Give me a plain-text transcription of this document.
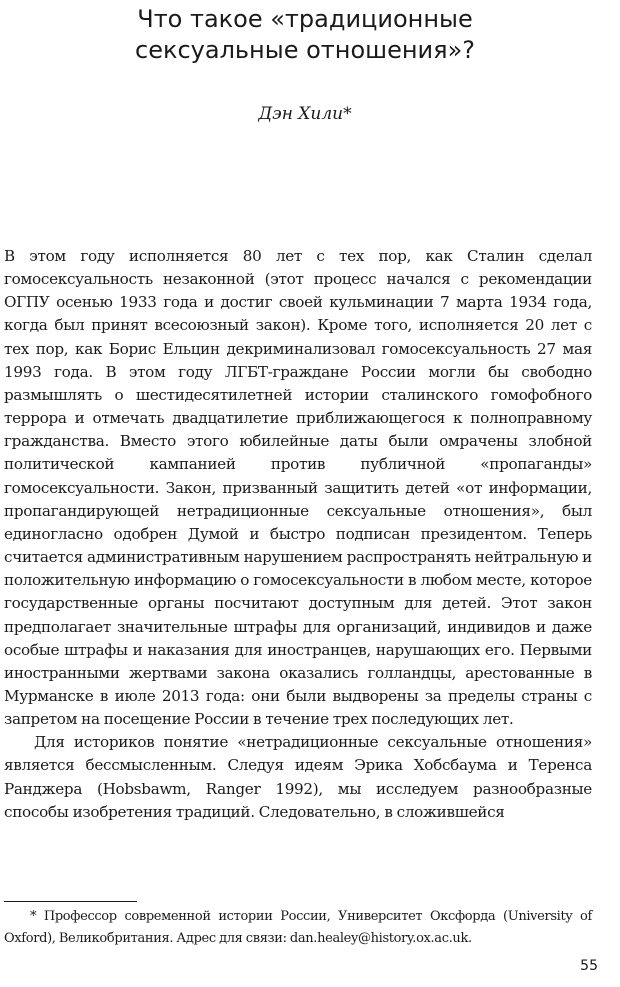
Что такое «традиционные
сексуальные отношения»?
Дэн Хили*

В этом году исполняется 80 лет с тех пор, как Сталин сделал гомосексуальность незаконной (этот процесс начался с рекомендации ОГПУ осенью 1933 года и достиг своей кульминации 7 марта 1934 года, когда был принят всесоюзный закон). Кроме того, исполняется 20 лет с тех пор, как Борис Ельцин декриминализовал гомосексуальность 27 мая 1993 года. В этом году ЛГБТ-граждане России могли бы свободно размышлять о шестидесятилетней истории сталинского гомофобного террора и отмечать двадцатилетие приближающегося к полноправному гражданства. Вместо этого юбилейные даты были омрачены злобной политической кампанией против публичной «пропаганды» гомосексуальности. Закон, призванный защитить детей «от информации, пропагандирующей нетрадиционные сексуальные отношения», был единогласно одобрен Думой и быстро подписан президентом. Теперь считается административным нарушением распространять нейтральную и положительную информацию о гомосексуальности в любом месте, которое государственные органы посчитают доступным для детей. Этот закон предполагает значительные штрафы для организаций, индивидов и даже особые штрафы и наказания для иностранцев, нарушающих его. Первыми иностранными жертвами закона оказались голландцы, арестованные в Мурманске в июле 2013 года: они были выдворены за пределы страны с запретом на посещение России в течение трех последующих лет.

Для историков понятие «нетрадиционные сексуальные отношения» является бессмысленным. Следуя идеям Эрика Хобсбаума и Теренса Ранджера (Hobsbawm, Ranger 1992), мы исследуем разнообразные способы изобретения традиций. Следовательно, в сложившейся

* Профессор современной истории России, Университет Оксфорда (University of Oxford), Великобритания. Адрес для связи: dan.healey@history.ox.ac.uk.
55
